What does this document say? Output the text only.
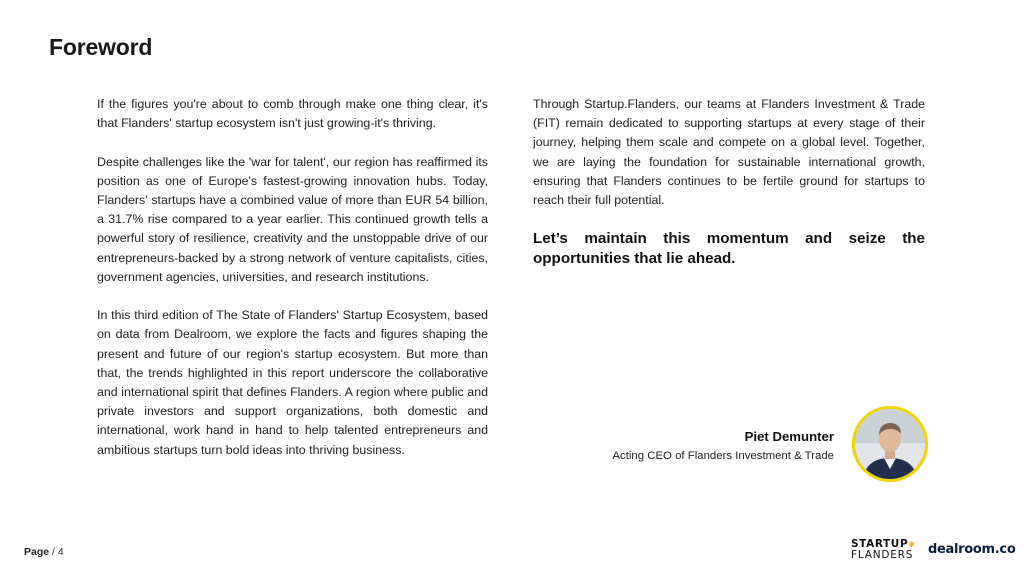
Foreword

If the figures you're about to comb through make one thing clear, it's that Flanders' startup ecosystem isn't just growing-it's thriving.

Despite challenges like the 'war for talent', our region has reaffirmed its position as one of Europe's fastest-growing innovation hubs. Today, Flanders' startups have a combined value of more than EUR 54 billion, a 31.7% rise compared to a year earlier. This continued growth tells a powerful story of resilience, creativity and the unstoppable drive of our entrepreneurs-backed by a strong network of venture capitalists, cities, government agencies, universities, and research institutions.

In this third edition of The State of Flanders' Startup Ecosystem, based on data from Dealroom, we explore the facts and figures shaping the present and future of our region's startup ecosystem. But more than that, the trends highlighted in this report underscore the collaborative and international spirit that defines Flanders. A region where public and private investors and support organizations, both domestic and international, work hand in hand to help talented entrepreneurs and ambitious startups turn bold ideas into thriving business.

Through Startup.Flanders, our teams at Flanders Investment & Trade (FIT) remain dedicated to supporting startups at every stage of their journey, helping them scale and compete on a global level. Together, we are laying the foundation for sustainable international growth, ensuring that Flanders continues to be fertile ground for startups to reach their full potential.

Let’s maintain this momentum and seize the opportunities that lie ahead.
Piet Demunter
Acting CEO of Flanders Investment & Trade
Page / 4
STARTUP✱
FLANDERS dealroom.co
